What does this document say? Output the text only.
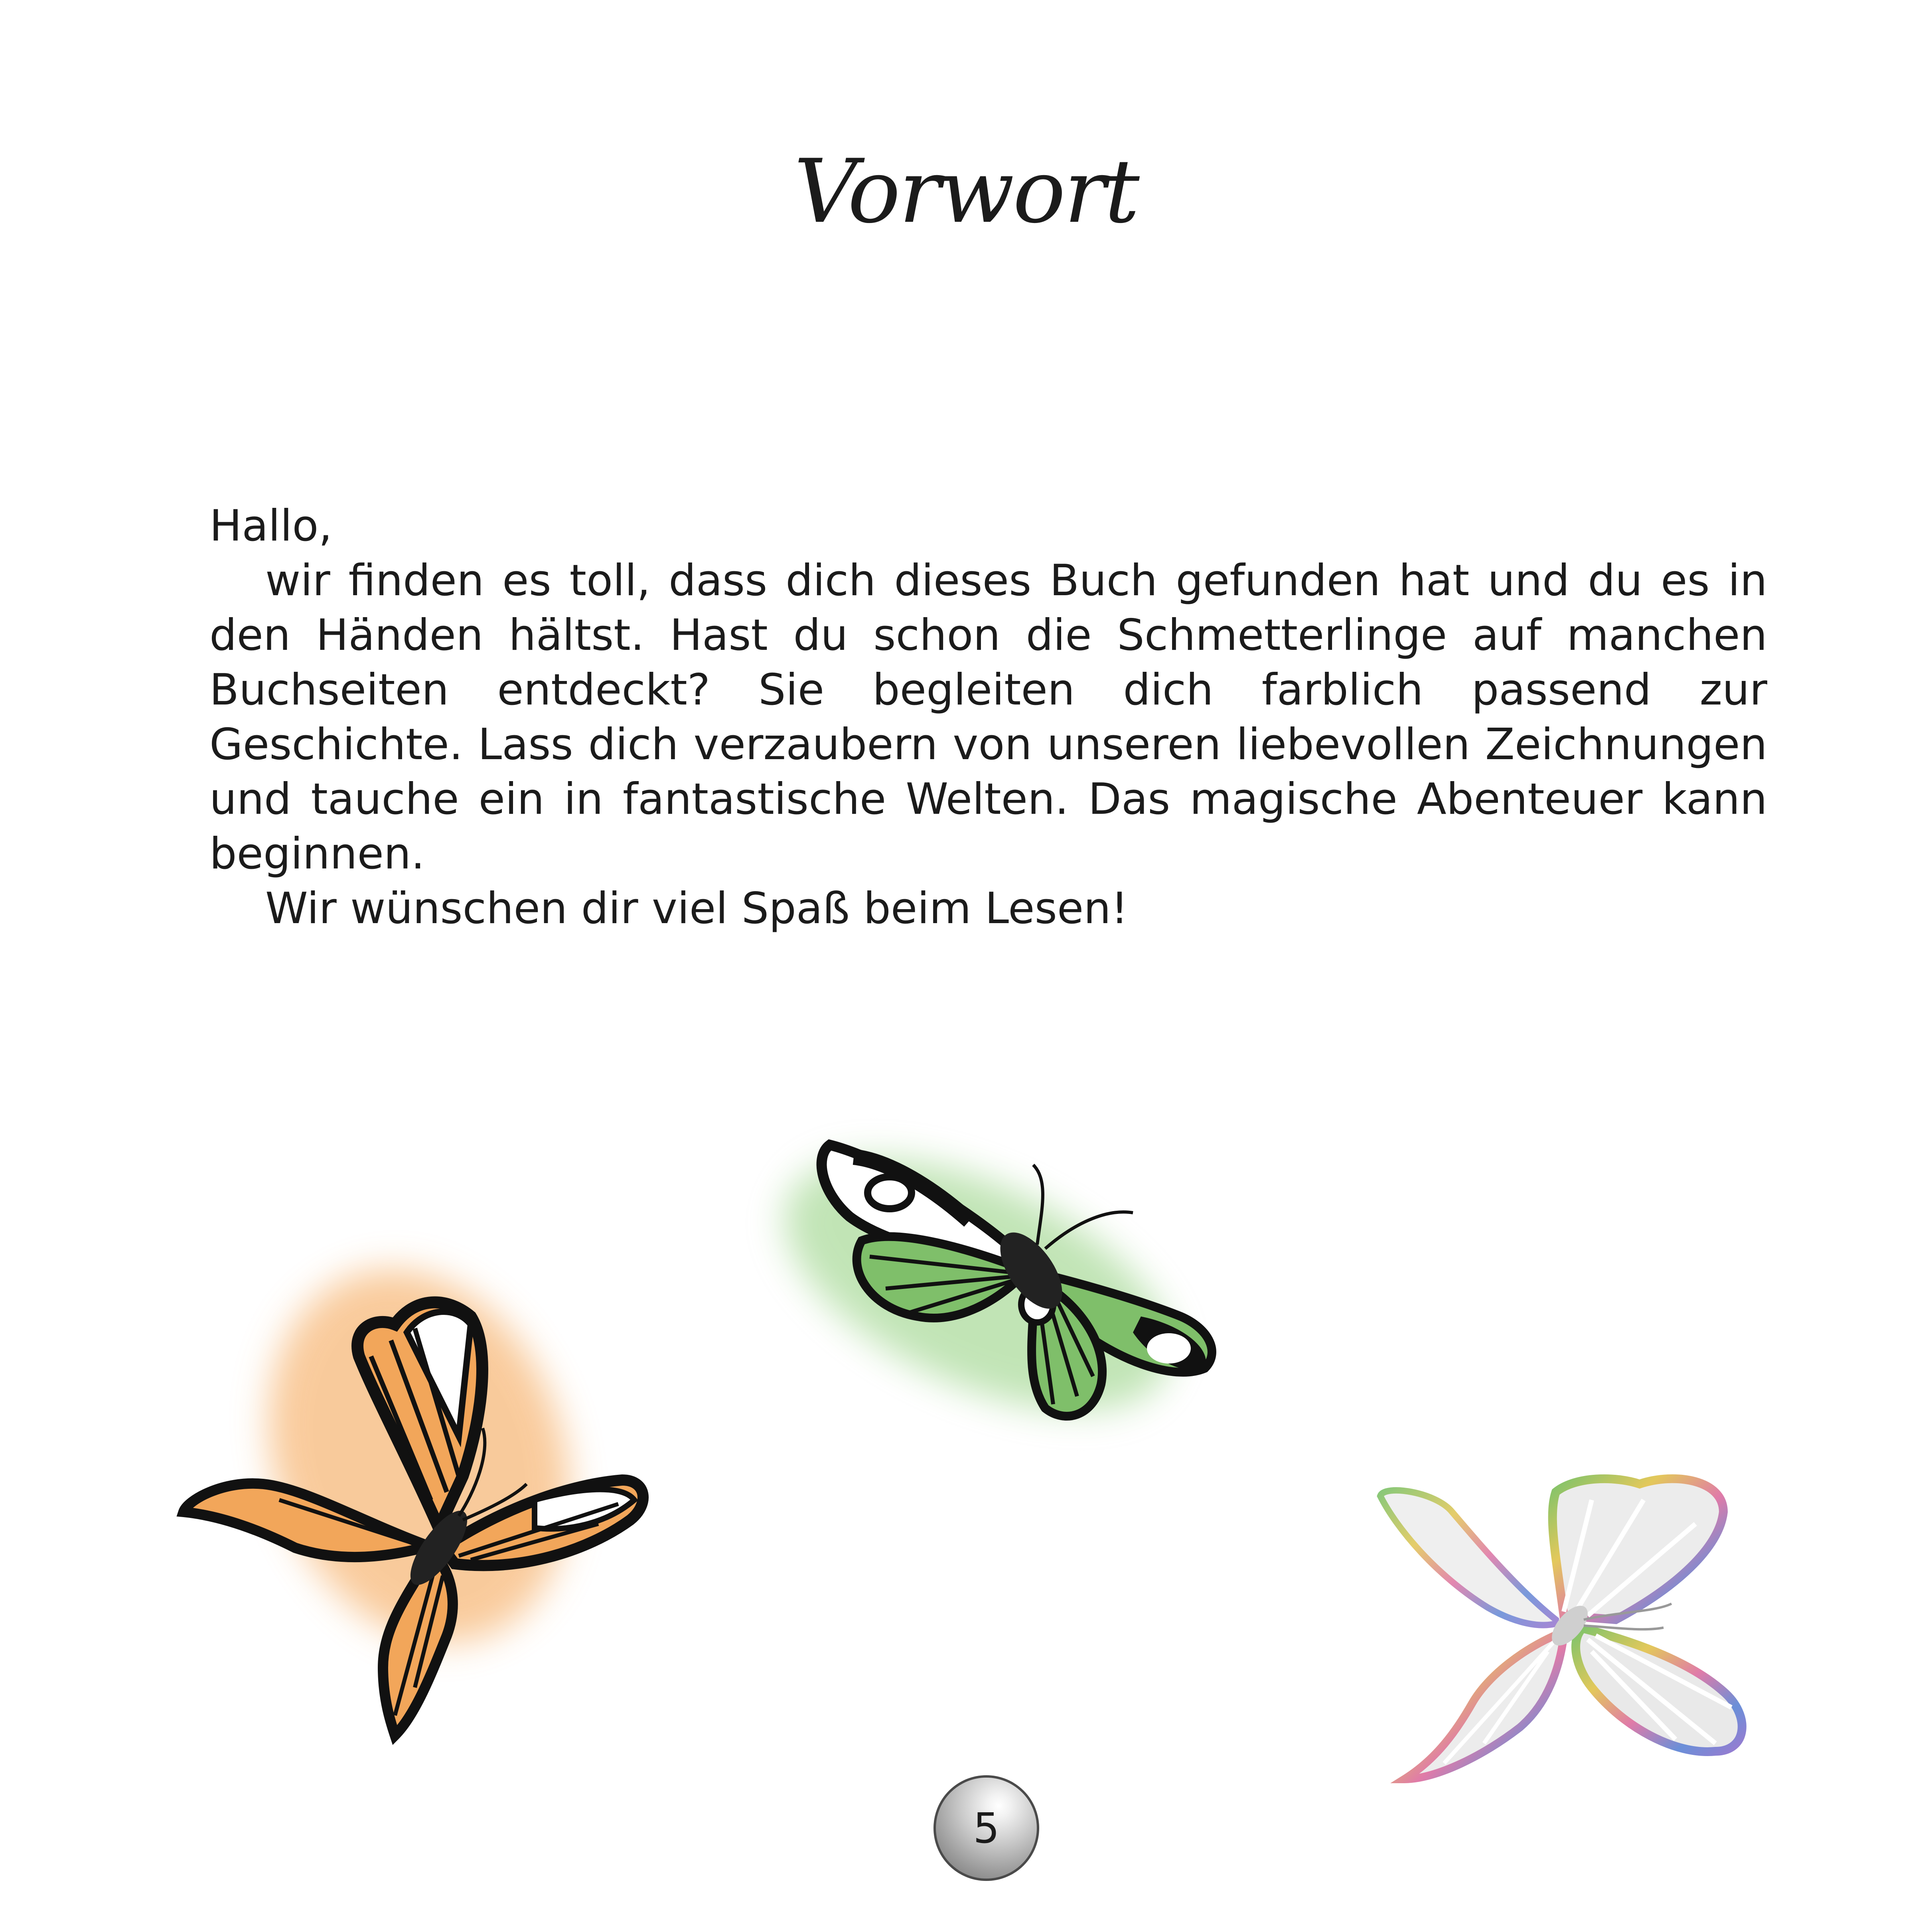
Vorwort

Hallo,

wir finden es toll, dass dich dieses Buch gefunden hat und du es in den Händen hältst. Hast du schon die Schmetterlinge auf manchen Buchseiten entdeckt? Sie begleiten dich farblich passend zur Geschichte. Lass dich verzaubern von unseren liebevollen Zeichnungen und tauche ein in fantastische Welten. Das magische Abenteuer kann beginnen.

Wir wünschen dir viel Spaß beim Lesen!

5
